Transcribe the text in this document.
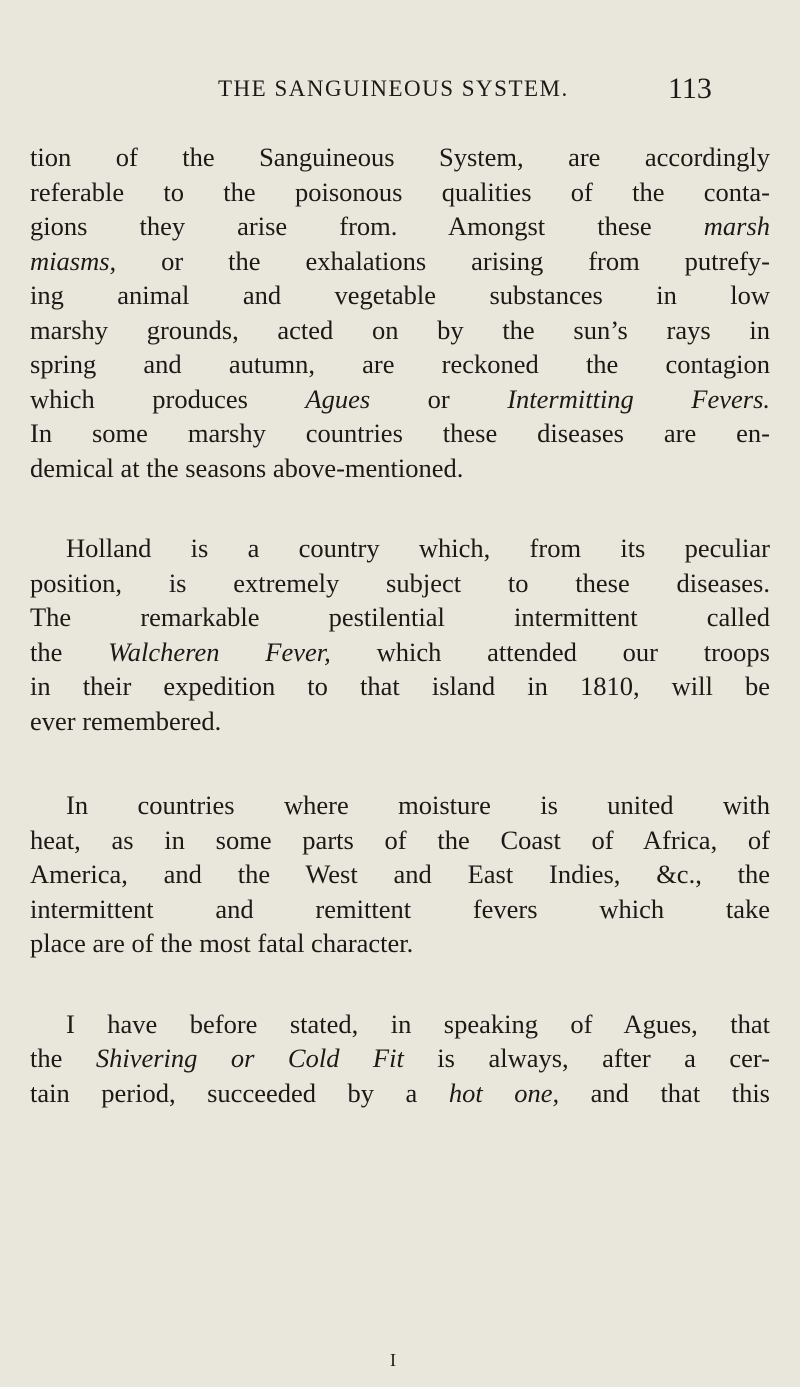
THE SANGUINEOUS SYSTEM.	113
tion of the Sanguineous System, are accordingly
referable to the poisonous qualities of the conta-
gions they arise from. Amongst these marsh
miasms, or the exhalations arising from putrefy-
ing animal and vegetable substances in low
marshy grounds, acted on by the sun’s rays in
spring and autumn, are reckoned the contagion
which produces Agues or Intermitting Fevers.
In some marshy countries these diseases are en-
demical at the seasons above-mentioned.
Holland is a country which, from its peculiar
position, is extremely subject to these diseases.
The remarkable pestilential intermittent called
the Walcheren Fever, which attended our troops
in their expedition to that island in 1810, will be
ever remembered.
In countries where moisture is united with
heat, as in some parts of the Coast of Africa, of
America, and the West and East Indies, &c., the
intermittent and remittent fevers which take
place are of the most fatal character.
I have before stated, in speaking of Agues, that
the Shivering or Cold Fit is always, after a cer-
tain period, succeeded by a hot one, and that this
I
